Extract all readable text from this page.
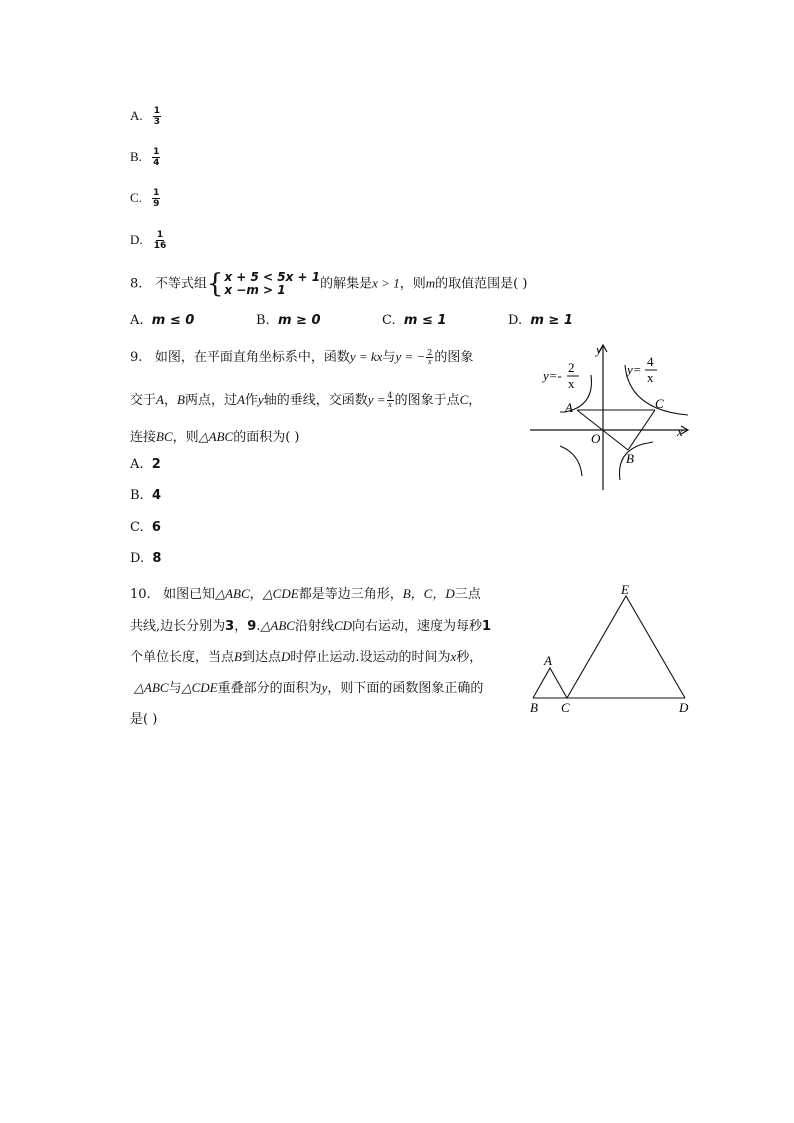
A. $\frac{1}{3}$
B. $\frac{1}{4}$
C. $\frac{1}{9}$
D. $\frac{1}{16}$
8. 不等式组 { x + 5 < 5x + 1
x −m > 1	的解集是x > 1，则m的取值范围是( )
A. m ≤ 0	B. m ≥ 0	C. m ≤ 1	D. m ≥ 1
9. 如图，在平面直角坐标系中，函数y = kx与y = − $\frac{2}{x}$ 的图象
交于A，B两点，过A作y轴的垂线，交函数$y = \frac{4}{x}$ 的图象于点C，
连接BC，则△ABC的面积为( )
A. 2
B. 4
C. 6
D. 8
y=-
2
x
y=
4
x
y
x
A	C
O
B
10. 如图已知△ABC，△CDE都是等边三角形，B，C，D三点
共线,边长分别为3，9.△ABC沿射线CD向右运动，速度为每秒1
个单位长度，当点B到达点D时停止运动.设运动的时间为x秒，
△ABC与△CDE重叠部分的面积为y，则下面的函数图象正确的
是( )
E
A
B C	D
